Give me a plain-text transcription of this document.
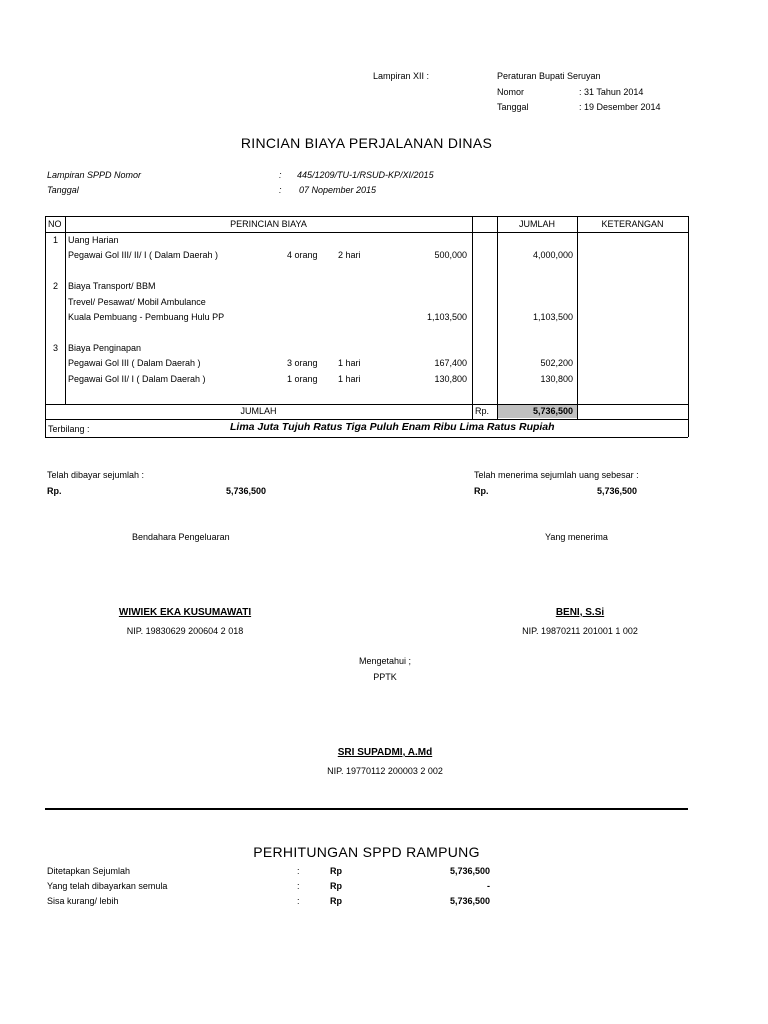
Lampiran XII :	Peraturan Bupati Seruyan
Nomor	: 31 Tahun 2014
Tanggal	: 19 Desember 2014
RINCIAN BIAYA PERJALANAN DINAS
Lampiran SPPD Nomor	: 445/1209/TU-1/RSUD-KP/XI/2015
Tanggal	: 07 Nopember 2015
NO	PERINCIAN BIAYA	JUMLAH	KETERANGAN
1 Uang Harian
Pegawai Gol III/ II/ I ( Dalam Daerah )	4 orang 2 hari	500,000	4,000,000
2 Biaya Transport/ BBM
Trevel/ Pesawat/ Mobil Ambulance
Kuala Pembuang - Pembuang Hulu PP	1,103,500	1,103,500
3 Biaya Penginapan
Pegawai Gol III ( Dalam Daerah )	3 orang 1 hari	167,400	502,200
Pegawai Gol II/ I ( Dalam Daerah )	1 orang 1 hari	130,800	130,800
JUMLAH	Rp.	5,736,500
Terbilang :	Lima Juta Tujuh Ratus Tiga Puluh Enam Ribu Lima Ratus Rupiah
Telah dibayar sejumlah :
Rp.	5,736,500
Telah menerima sejumlah uang sebesar :
Rp.	5,736,500
Bendahara Pengeluaran	Yang menerima
WIWIEK EKA KUSUMAWATI
NIP. 19830629 200604 2 018
BENI, S.Si
NIP. 19870211 201001 1 002
Mengetahui ;
PPTK
SRI SUPADMI, A.Md
NIP. 19770112 200003 2 002
PERHITUNGAN SPPD RAMPUNG
Ditetapkan Sejumlah	:	Rp	5,736,500
Yang telah dibayarkan semula	:	Rp	-
Sisa kurang/ lebih	:	Rp	5,736,500
